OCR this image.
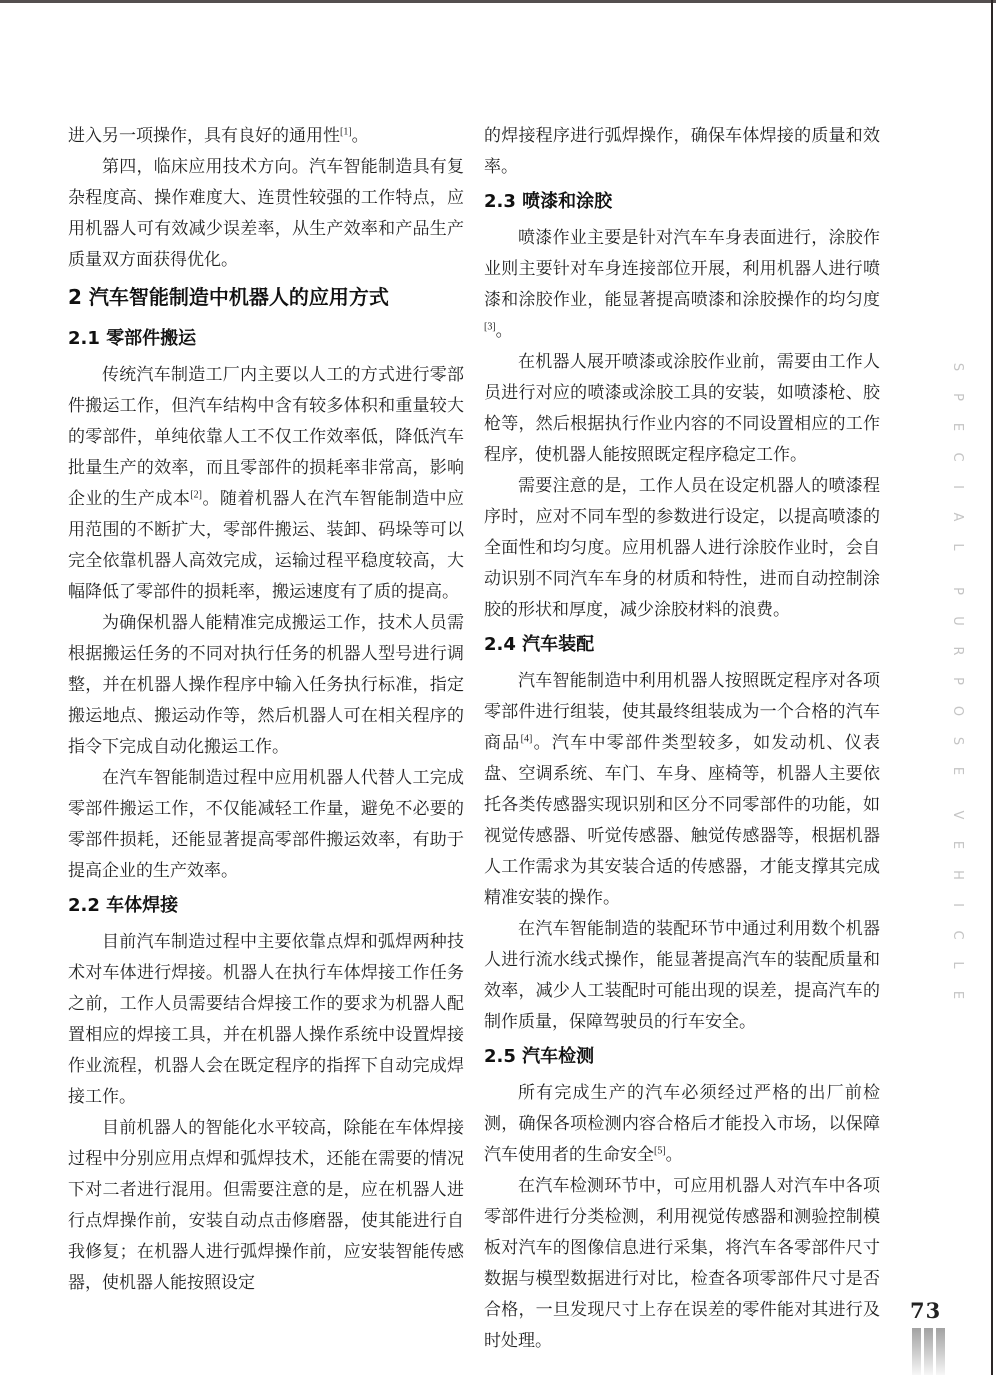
进入另一项操作，具有良好的通用性[1]。

第四，临床应用技术方向。汽车智能制造具有复杂程度高、操作难度大、连贯性较强的工作特点，应用机器人可有效减少误差率，从生产效率和产品生产质量双方面获得优化。

2 汽车智能制造中机器人的应用方式
2.1 零部件搬运

传统汽车制造工厂内主要以人工的方式进行零部件搬运工作，但汽车结构中含有较多体积和重量较大的零部件，单纯依靠人工不仅工作效率低，降低汽车批量生产的效率，而且零部件的损耗率非常高，影响企业的生产成本[2]。随着机器人在汽车智能制造中应用范围的不断扩大，零部件搬运、装卸、码垛等可以完全依靠机器人高效完成，运输过程平稳度较高，大幅降低了零部件的损耗率，搬运速度有了质的提高。

为确保机器人能精准完成搬运工作，技术人员需根据搬运任务的不同对执行任务的机器人型号进行调整，并在机器人操作程序中输入任务执行标准，指定搬运地点、搬运动作等，然后机器人可在相关程序的指令下完成自动化搬运工作。

在汽车智能制造过程中应用机器人代替人工完成零部件搬运工作，不仅能减轻工作量，避免不必要的零部件损耗，还能显著提高零部件搬运效率，有助于提高企业的生产效率。

2.2 车体焊接

目前汽车制造过程中主要依靠点焊和弧焊两种技术对车体进行焊接。机器人在执行车体焊接工作任务之前，工作人员需要结合焊接工作的要求为机器人配置相应的焊接工具，并在机器人操作系统中设置焊接作业流程，机器人会在既定程序的指挥下自动完成焊接工作。

目前机器人的智能化水平较高，除能在车体焊接过程中分别应用点焊和弧焊技术，还能在需要的情况下对二者进行混用。但需要注意的是，应在机器人进行点焊操作前，安装自动点击修磨器，使其能进行自我修复；在机器人进行弧焊操作前，应安装智能传感器，使机器人能按照设定

的焊接程序进行弧焊操作，确保车体焊接的质量和效率。

2.3 喷漆和涂胶

喷漆作业主要是针对汽车车身表面进行，涂胶作业则主要针对车身连接部位开展，利用机器人进行喷漆和涂胶作业，能显著提高喷漆和涂胶操作的均匀度[3]。

在机器人展开喷漆或涂胶作业前，需要由工作人员进行对应的喷漆或涂胶工具的安装，如喷漆枪、胶枪等，然后根据执行作业内容的不同设置相应的工作程序，使机器人能按照既定程序稳定工作。

需要注意的是，工作人员在设定机器人的喷漆程序时，应对不同车型的参数进行设定，以提高喷漆的全面性和均匀度。应用机器人进行涂胶作业时，会自动识别不同汽车车身的材质和特性，进而自动控制涂胶的形状和厚度，减少涂胶材料的浪费。

2.4 汽车装配

汽车智能制造中利用机器人按照既定程序对各项零部件进行组装，使其最终组装成为一个合格的汽车商品[4]。汽车中零部件类型较多，如发动机、仪表盘、空调系统、车门、车身、座椅等，机器人主要依托各类传感器实现识别和区分不同零部件的功能，如视觉传感器、听觉传感器、触觉传感器等，根据机器人工作需求为其安装合适的传感器，才能支撑其完成精准安装的操作。

在汽车智能制造的装配环节中通过利用数个机器人进行流水线式操作，能显著提高汽车的装配质量和效率，减少人工装配时可能出现的误差，提高汽车的制作质量，保障驾驶员的行车安全。

2.5 汽车检测

所有完成生产的汽车必须经过严格的出厂前检测，确保各项检测内容合格后才能投入市场，以保障汽车使用者的生命安全[5]。

在汽车检测环节中，可应用机器人对汽车中各项零部件进行分类检测，利用视觉传感器和测验控制模板对汽车的图像信息进行采集，将汽车各零部件尺寸数据与模型数据进行对比，检查各项零部件尺寸是否合格，一旦发现尺寸上存在误差的零件能对其进行及时处理。

S
P
E
C
I
A
L
P
U
R
P
O
S
E
V
E
H
I
C
L
E
73
